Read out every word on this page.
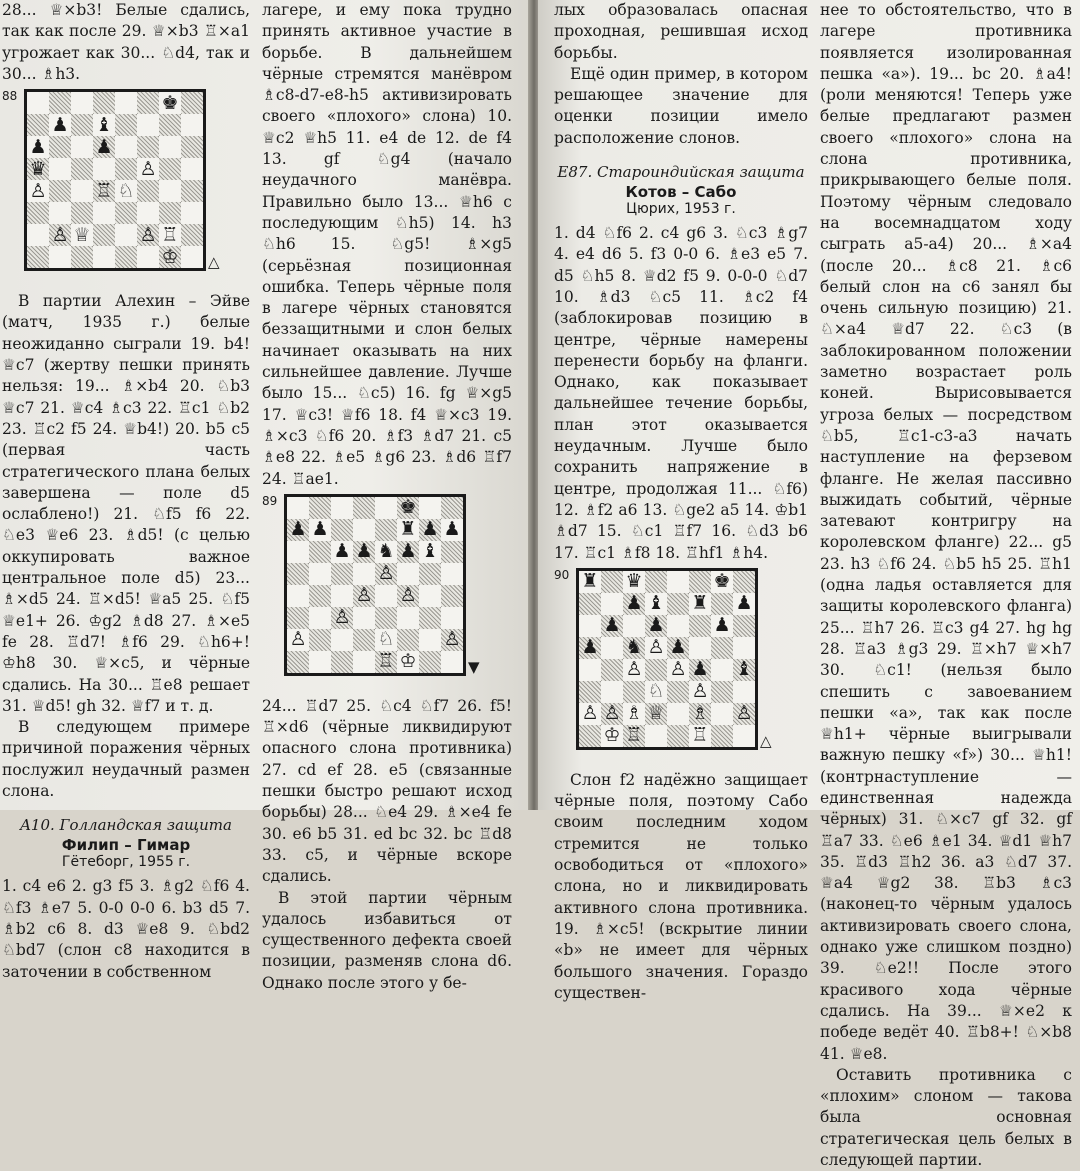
28... ♕×b3! Белые сдались, так как после 29. ♕×b3 ♖×a1 угрожает как 30... ♘d4, так и 30... ♗h3.

88	♚
♟ ♝
♟	♟
♛	♙
♙	♖ ♘
♙ ♕	♙ ♖
♔ △

В партии Алехин – Эйве (матч, 1935 г.) белые неожиданно сыграли 19. b4! ♕c7 (жертву пешки принять нельзя: 19... ♗×b4 20. ♘b3 ♕c7 21. ♕c4 ♗c3 22. ♖c1 ♘b2 23. ♖c2 f5 24. ♕b4!) 20. b5 c5 (первая часть стратегического плана белых завершена — поле d5 ослаблено!) 21. ♘f5 f6 22. ♘e3 ♕e6 23. ♗d5! (с целью оккупировать важное центральное поле d5) 23... ♗×d5 24. ♖×d5! ♕a5 25. ♘f5 ♕e1+ 26. ♔g2 ♗d8 27. ♗×e5 fe 28. ♖d7! ♗f6 29. ♘h6+! ♔h8 30. ♕×c5, и чёрные сдались. На 30... ♖e8 решает 31. ♕d5! gh 32. ♕f7 и т. д.

В следующем примере причиной поражения чёрных послужил неудачный размен слона.

A10. Голландская защита

Филип – Гимар

Гётеборг, 1955 г.

1. c4 e6 2. g3 f5 3. ♗g2 ♘f6 4. ♘f3 ♗e7 5. 0-0 0-0 6. b3 d5 7. ♗b2 c6 8. d3 ♕e8 9. ♘bd2 ♘bd7 (слон c8 находится в заточении в собственном

лагере, и ему пока трудно принять активное участие в борьбе. В дальнейшем чёрные стремятся манёвром ♗c8-d7-e8-h5 активизировать своего «плохого» слона) 10. ♕c2 ♕h5 11. e4 de 12. de f4 13. gf ♘g4 (начало неудачного манёвра. Правильно было 13... ♕h6 с последующим ♘h5) 14. h3 ♘h6 15. ♘g5! ♗×g5 (серьёзная позиционная ошибка. Теперь чёрные поля в лагере чёрных становятся беззащитными и слон белых начинает оказывать на них сильнейшее давление. Лучше было 15... ♘c5) 16. fg ♕×g5 17. ♕c3! ♕f6 18. f4 ♕×c3 19. ♗×c3 ♘f6 20. ♗f3 ♗d7 21. c5 ♗e8 22. ♗e5 ♗g6 23. ♗d6 ♖f7 24. ♖ae1.

89	♚
♟ ♟	♜ ♟ ♟
♟ ♟ ♞ ♟ ♝
♙
♙ ♙
♙
♙	♘	♙
♖ ♔	▼

24... ♖d7 25. ♘c4 ♘f7 26. f5! ♖×d6 (чёрные ликвидируют опасного слона противника) 27. cd ef 28. e5 (связанные пешки быстро решают исход борьбы) 28... ♘e4 29. ♗×e4 fe 30. e6 b5 31. ed bc 32. bc ♖d8 33. c5, и чёрные вскоре сдались.

В этой партии чёрным удалось избавиться от существенного дефекта своей позиции, разменяв слона d6. Однако после этого у бе-

лых образовалась опасная проходная, решившая исход борьбы.

Ещё один пример, в котором решающее значение для оценки позиции имело расположение слонов.

E87. Староиндийская защита

Котов – Сабо

Цюрих, 1953 г.

1. d4 ♘f6 2. c4 g6 3. ♘c3 ♗g7 4. e4 d6 5. f3 0-0 6. ♗e3 e5 7. d5 ♘h5 8. ♕d2 f5 9. 0-0-0 ♘d7 10. ♗d3 ♘c5 11. ♗c2 f4 (заблокировав позицию в центре, чёрные намерены перенести борьбу на фланги. Однако, как показывает дальнейшее течение борьбы, план этот оказывается неудачным. Лучше было сохранить напряжение в центре, продолжая 11... ♘f6) 12. ♗f2 a6 13. ♘ge2 a5 14. ♔b1 ♗d7 15. ♘c1 ♖f7 16. ♘d3 b6 17. ♖c1 ♗f8 18. ♖hf1 ♗h4.

90 ♜ ♛	♚
♟ ♝ ♜ ♟
♟ ♟	♟
♟ ♞ ♙ ♟
♙ ♙ ♟ ♝
♘ ♙
♙ ♙ ♗ ♕ ♗ ♙
♔ ♖	♖	△

Слон f2 надёжно защищает чёрные поля, поэтому Сабо своим последним ходом стремится не только освободиться от «плохого» слона, но и ликвидировать активного слона противника. 19. ♗×c5! (вскрытие линии «b» не имеет для чёрных большого значения. Гораздо существен-

нее то обстоятельство, что в лагере противника появляется изолированная пешка «а»). 19... bc 20. ♗a4! (роли меняются! Теперь уже белые предлагают размен своего «плохого» слона на слона противника, прикрывающего белые поля. Поэтому чёрным следовало на восемнадцатом ходу сыграть a5-a4) 20... ♗×a4 (после 20... ♗c8 21. ♗c6 белый слон на c6 занял бы очень сильную позицию) 21. ♘×a4 ♕d7 22. ♘c3 (в заблокированном положении заметно возрастает роль коней. Вырисовывается угроза белых — посредством ♘b5, ♖c1-c3-a3 начать наступление на ферзевом фланге. Не желая пассивно выжидать событий, чёрные затевают контригру на королевском фланге) 22... g5 23. h3 ♘f6 24. ♘b5 h5 25. ♖h1 (одна ладья оставляется для защиты королевского фланга) 25... ♖h7 26. ♖c3 g4 27. hg hg 28. ♖a3 ♗g3 29. ♖×h7 ♕×h7 30. ♘c1! (нельзя было спешить с завоеванием пешки «а», так как после ♕h1+ чёрные выигрывали важную пешку «f») 30... ♕h1! (контрнаступление — единственная надежда чёрных) 31. ♘×c7 gf 32. gf ♖a7 33. ♘e6 ♗e1 34. ♕d1 ♕h7 35. ♖d3 ♖h2 36. a3 ♘d7 37. ♕a4 ♕g2 38. ♖b3 ♗c3 (наконец-то чёрным удалось активизировать своего слона, однако уже слишком поздно) 39. ♘e2!! После этого красивого хода чёрные сдались. На 39... ♕×e2 к победе ведёт 40. ♖b8+! ♘×b8 41. ♕e8.

Оставить противника с «плохим» слоном — такова была основная стратегическая цель белых в следующей партии.
